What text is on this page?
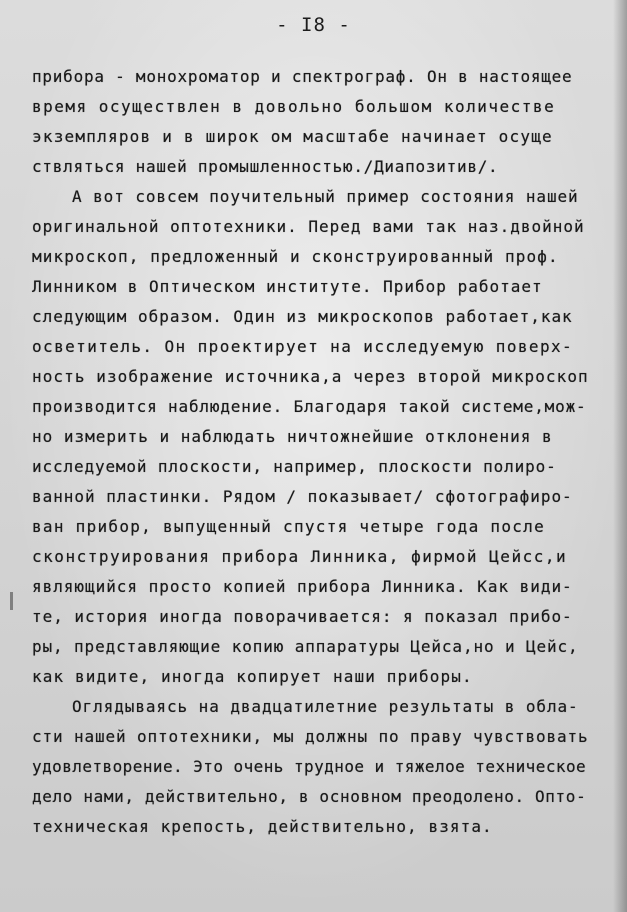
- I8 -
прибора - монохроматор и спектрограф. Он в настоящее
время осуществлен в довольно большом количестве
экземпляров и в широк ом масштабе начинает осуще
ствляться нашей промышленностью./Диапозитив/.
А вот совсем поучительный пример состояния нашей
оригинальной оптотехники. Перед вами так наз.двойной
микроскоп, предложенный и сконструированный проф.
Линником в Оптическом институте. Прибор работает
следующим образом. Один из микроскопов работает,как
осветитель. Он проектирует на исследуемую поверх-
ность изображение источника,а через второй микроскоп
производится наблюдение. Благодаря такой системе,мож-
но измерить и наблюдать ничтожнейшие отклонения в
исследуемой плоскости, например, плоскости полиро-
ванной пластинки. Рядом / показывает/ сфотографиро-
ван прибор, выпущенный спустя четыре года после
сконструирования прибора Линника, фирмой Цейсс,и
являющийся просто копией прибора Линника. Как види-
те, история иногда поворачивается: я показал прибо-
ры, представляющие копию аппаратуры Цейса,но и Цейс,
как видите, иногда копирует наши приборы.
Оглядываясь на двадцатилетние результаты в обла-
сти нашей оптотехники, мы должны по праву чувствовать
удовлетворение. Это очень трудное и тяжелое техническое
дело нами, действительно, в основном преодолено. Опто-
техническая крепость, действительно, взята.
